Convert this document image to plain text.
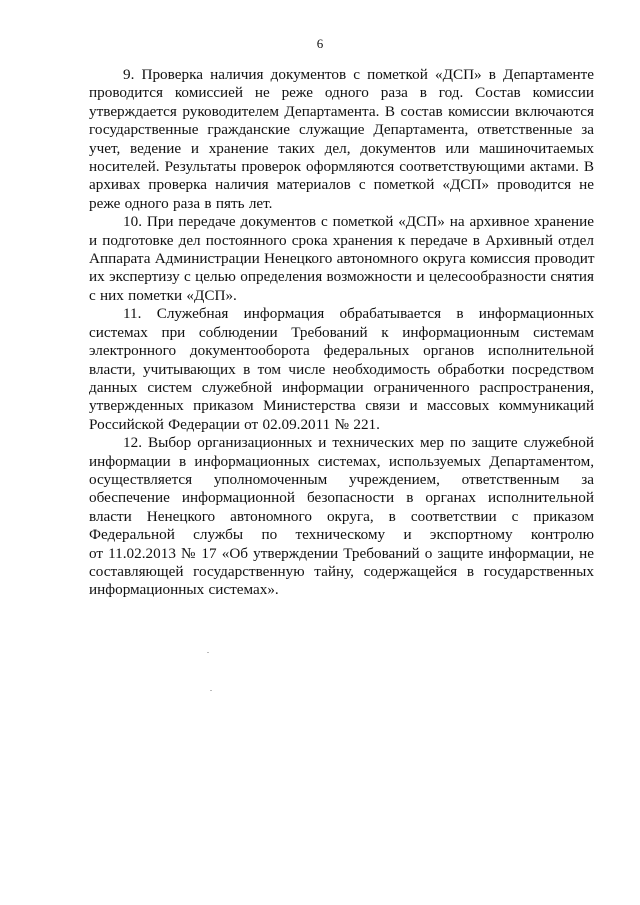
6

9. Проверка наличия документов с пометкой «ДСП» в Департаменте
проводится комиссией не реже одного раза в год. Состав комиссии
утверждается руководителем Департамента. В состав комиссии включаются
государственные гражданские служащие Департамента, ответственные за
учет, ведение и хранение таких дел, документов или машиночитаемых
носителей. Результаты проверок оформляются соответствующими актами. В
архивах проверка наличия материалов с пометкой «ДСП» проводится не
реже одного раза в пять лет.

10. При передаче документов с пометкой «ДСП» на архивное хранение
и подготовке дел постоянного срока хранения к передаче в Архивный отдел
Аппарата Администрации Ненецкого автономного округа комиссия проводит
их экспертизу с целью определения возможности и целесообразности снятия
с них пометки «ДСП».

11. Служебная информация обрабатывается в информационных
системах при соблюдении Требований к информационным системам
электронного документооборота федеральных органов исполнительной
власти, учитывающих в том числе необходимость обработки посредством
данных систем служебной информации ограниченного распространения,
утвержденных приказом Министерства связи и массовых коммуникаций
Российской Федерации от 02.09.2011 № 221.

12. Выбор организационных и технических мер по защите служебной
информации в информационных системах, используемых Департаментом,
осуществляется уполномоченным учреждением, ответственным за
обеспечение информационной безопасности в органах исполнительной
власти Ненецкого автономного округа, в соответствии с приказом
Федеральной службы по техническому и экспортному контролю
от 11.02.2013 № 17 «Об утверждении Требований о защите информации, не
составляющей государственную тайну, содержащейся в государственных
информационных системах».
